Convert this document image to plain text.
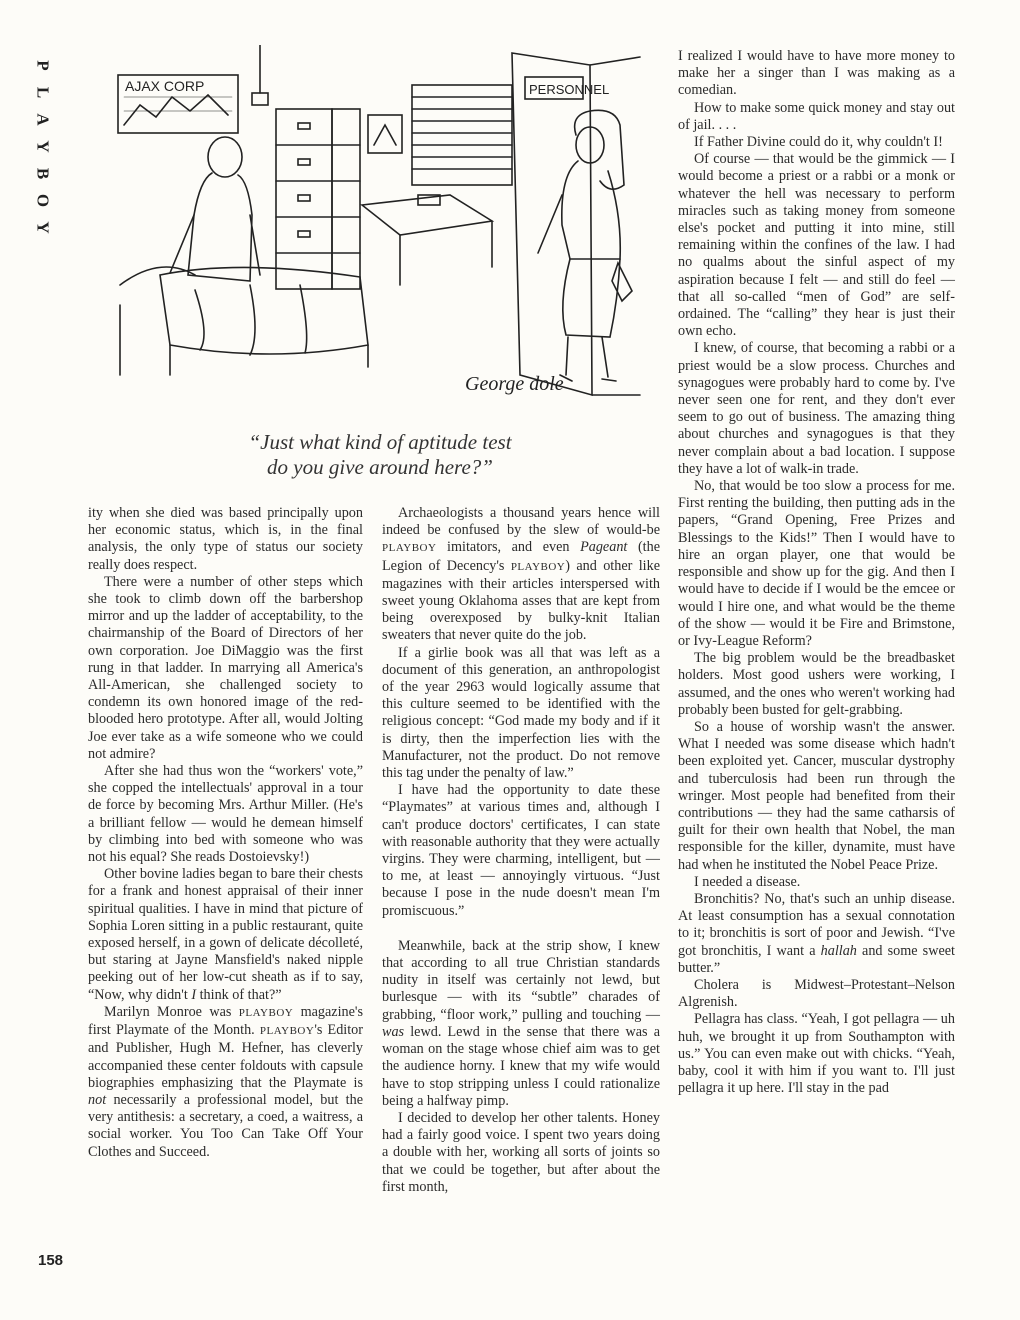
P
L
A
Y
B
O
Y
AJAX CORP	PERSONNEL
George dole
“Just what kind of aptitude test
do you give around here?”

ity when she died was based principally upon her economic status, which is, in the final analysis, the only type of status our society really does respect.

There were a number of other steps which she took to climb down off the barbershop mirror and up the ladder of acceptability, to the chairmanship of the Board of Directors of her own corporation. Joe DiMaggio was the first rung in that ladder. In marrying all America's All-American, she challenged society to condemn its own honored image of the red-blooded hero prototype. After all, would Jolting Joe ever take as a wife someone who we could not admire?

After she had thus won the “workers' vote,” she copped the intellectuals' approval in a tour de force by becoming Mrs. Arthur Miller. (He's a brilliant fellow — would he demean himself by climbing into bed with someone who was not his equal? She reads Dostoievsky!)

Other bovine ladies began to bare their chests for a frank and honest appraisal of their inner spiritual qualities. I have in mind that picture of Sophia Loren sitting in a public restaurant, quite exposed herself, in a gown of delicate décolleté, but staring at Jayne Mansfield's naked nipple peeking out of her low-cut sheath as if to say, “Now, why didn't I think of that?”

Marilyn Monroe was PLAYBOY magazine's first Playmate of the Month. PLAYBOY's Editor and Publisher, Hugh M. Hefner, has cleverly accompanied these center foldouts with capsule biographies emphasizing that the Playmate is not necessarily a professional model, but the very antithesis: a secretary, a coed, a waitress, a social worker. You Too Can Take Off Your Clothes and Succeed.

Archaeologists a thousand years hence will indeed be confused by the slew of would-be PLAYBOY imitators, and even Pageant (the Legion of Decency's PLAYBOY) and other like magazines with their articles interspersed with sweet young Oklahoma asses that are kept from being overexposed by bulky-knit Italian sweaters that never quite do the job.

If a girlie book was all that was left as a document of this generation, an anthropologist of the year 2963 would logically assume that this culture seemed to be identified with the religious concept: “God made my body and if it is dirty, then the imperfection lies with the Manufacturer, not the product. Do not remove this tag under the penalty of law.”

I have had the opportunity to date these “Playmates” at various times and, although I can't produce doctors' certificates, I can state with reasonable authority that they were actually virgins. They were charming, intelligent, but — to me, at least — annoyingly virtuous. “Just because I pose in the nude doesn't mean I'm promiscuous.”

Meanwhile, back at the strip show, I knew that according to all true Christian standards nudity in itself was certainly not lewd, but burlesque — with its “subtle” charades of grabbing, “floor work,” pulling and touching — was lewd. Lewd in the sense that there was a woman on the stage whose chief aim was to get the audience horny. I knew that my wife would have to stop stripping unless I could rationalize being a halfway pimp.

I decided to develop her other talents. Honey had a fairly good voice. I spent two years doing a double with her, working all sorts of joints so that we could be together, but after about the first month,

I realized I would have to have more money to make her a singer than I was making as a comedian.

How to make some quick money and stay out of jail. . . .

If Father Divine could do it, why couldn't I!

Of course — that would be the gimmick — I would become a priest or a rabbi or a monk or whatever the hell was necessary to perform miracles such as taking money from someone else's pocket and putting it into mine, still remaining within the confines of the law. I had no qualms about the sinful aspect of my aspiration because I felt — and still do feel — that all so-called “men of God” are self-ordained. The “calling” they hear is just their own echo.

I knew, of course, that becoming a rabbi or a priest would be a slow process. Churches and synagogues were probably hard to come by. I've never seen one for rent, and they don't ever seem to go out of business. The amazing thing about churches and synagogues is that they never complain about a bad location. I suppose they have a lot of walk-in trade.

No, that would be too slow a process for me. First renting the building, then putting ads in the papers, “Grand Opening, Free Prizes and Blessings to the Kids!” Then I would have to hire an organ player, one that would be responsible and show up for the gig. And then I would have to decide if I would be the emcee or would I hire one, and what would be the theme of the show — would it be Fire and Brimstone, or Ivy-League Reform?

The big problem would be the breadbasket holders. Most good ushers were working, I assumed, and the ones who weren't working had probably been busted for gelt-grabbing.

So a house of worship wasn't the answer. What I needed was some disease which hadn't been exploited yet. Cancer, muscular dystrophy and tuberculosis had been run through the wringer. Most people had benefited from their contributions — they had the same catharsis of guilt for their own health that Nobel, the man responsible for the killer, dynamite, must have had when he instituted the Nobel Peace Prize.

I needed a disease.

Bronchitis? No, that's such an unhip disease. At least consumption has a sexual connotation to it; bronchitis is sort of poor and Jewish. “I've got bronchitis, I want a hallah and some sweet butter.”

Cholera is Midwest–Protestant–Nelson Algrenish.

Pellagra has class. “Yeah, I got pellagra — uh huh, we brought it up from Southampton with us.” You can even make out with chicks. “Yeah, baby, cool it with him if you want to. I'll just pellagra it up here. I'll stay in the pad

158
